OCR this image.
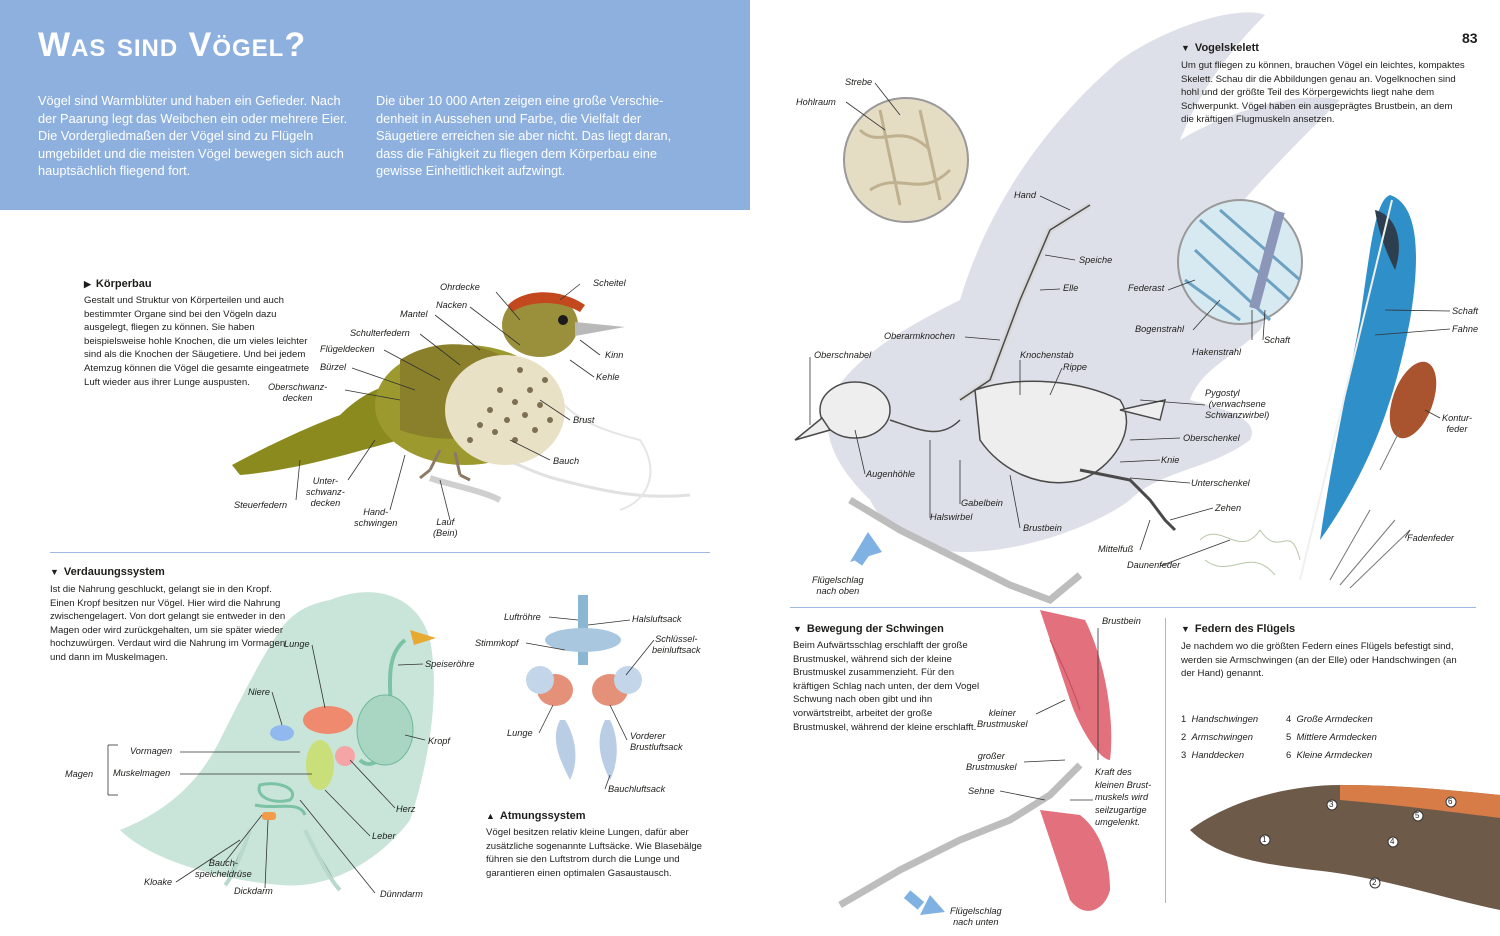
Was sind Vögel?
Vögel sind Warmblüter und haben ein Gefieder. Nach der Paarung legt das Weibchen ein oder mehrere Eier. Die Vordergliedmaßen der Vögel sind zu Flügeln umgebildet und die meisten Vögel bewegen sich auch hauptsächlich fliegend fort.
Die über 10 000 Arten zeigen eine große Verschiedenheit in Aussehen und Farbe, die Vielfalt der Säugetiere erreichen sie aber nicht. Das liegt daran, dass die Fähigkeit zu fliegen dem Körperbau eine gewisse Einheitlichkeit aufzwingt.
83
▶ Körperbau
Gestalt und Struktur von Körperteilen und auch bestimmter Organe sind bei den Vögeln dazu ausgelegt, fliegen zu können. Sie haben beispielsweise hohle Knochen, die um vieles leichter sind als die Knochen der Säugetiere. Und bei jedem Atemzug können die Vögel die gesamte eingeatmete Luft wieder aus ihrer Lunge auspusten.
Ohrdecke	Scheitel
Nacken
Mantel
Schulterfedern
Flügeldecken
Bürzel
Oberschwanz-
decken
Kinn
Kehle
Brust
Bauch
Steuerfedern
Unter-
schwanz-
decken
Hand-
schwingen	Lauf
(Bein)
▼ Verdauungssystem
Ist die Nahrung geschluckt, gelangt sie in den Kropf. Einen Kropf besitzen nur Vögel. Hier wird die Nahrung zwischengelagert. Von dort gelangt sie entweder in den Magen oder wird zurückgehalten, um sie später wieder hochzuwürgen. Verdaut wird die Nahrung im Vormagen und dann im Muskelmagen.
Lunge
Speiseröhre
Niere
Vormagen
Magen Muskelmagen
Kropf
Herz
Leber
Bauch-
speicheldrüse
Kloake
Dickdarm	Dünndarm
Luftröhre	Halsluftsack
Stimmkopf	Schlüssel-
beinluftsack
Lunge	Vorderer
Brustluftsack
Bauchluftsack
▲ Atmungssystem
Vögel besitzen relativ kleine Lungen, dafür aber zusätzliche sogenannte Luftsäcke. Wie Blasebälge führen sie den Luftstrom durch die Lunge und garantieren einen optimalen Gasaustausch.
▼ Vogelskelett
Um gut fliegen zu können, brauchen Vögel ein leichtes, kompaktes Skelett. Schau dir die Abbildungen genau an. Vogelknochen sind hohl und der größte Teil des Körpergewichts liegt nahe dem Schwerpunkt. Vögel haben ein ausgeprägtes Brustbein, an dem die kräftigen Flugmuskeln ansetzen.
Strebe
Hohlraum
Hand
Speiche
Elle
Oberarmknochen
Oberschnabel	Knochenstab
Rippe
Pygostyl
(verwachsene
Schwanzwirbel)
Oberschenkel
Knie
Unterschenkel
Augenhöhle
Gabelbein
Halswirbel
Brustbein
Mittelfuß
Zehen
Daunenfeder
Federast
Bogenstrahl
Hakenstrahl
Schaft
Schaft
Fahne
Kontur-
feder
Fadenfeder
Flügelschlag
nach oben
▼ Bewegung der Schwingen
Beim Aufwärtsschlag erschlafft der große Brustmuskel, während sich der kleine Brustmuskel zusammenzieht. Für den kräftigen Schlag nach unten, der dem Vogel Schwung nach oben gibt und ihn vorwärtstreibt, arbeitet der große Brustmuskel, während der kleine erschlafft.
Brustbein
kleiner
Brustmuskel
großer
Brustmuskel
Sehne
Kraft des
kleinen Brust-
muskels wird
seilzugartige
umgelenkt.
Flügelschlag
nach unten
▼ Federn des Flügels
Je nachdem wo die größten Federn eines Flügels befestigt sind, werden sie Armschwingen (an der Elle) oder Handschwingen (an der Hand) genannt.
1 Handschwingen
2 Armschwingen
3 Handdecken
4 Große Armdecken
5 Mittlere Armdecken
6 Kleine Armdecken
1
2
3
4
5
6
